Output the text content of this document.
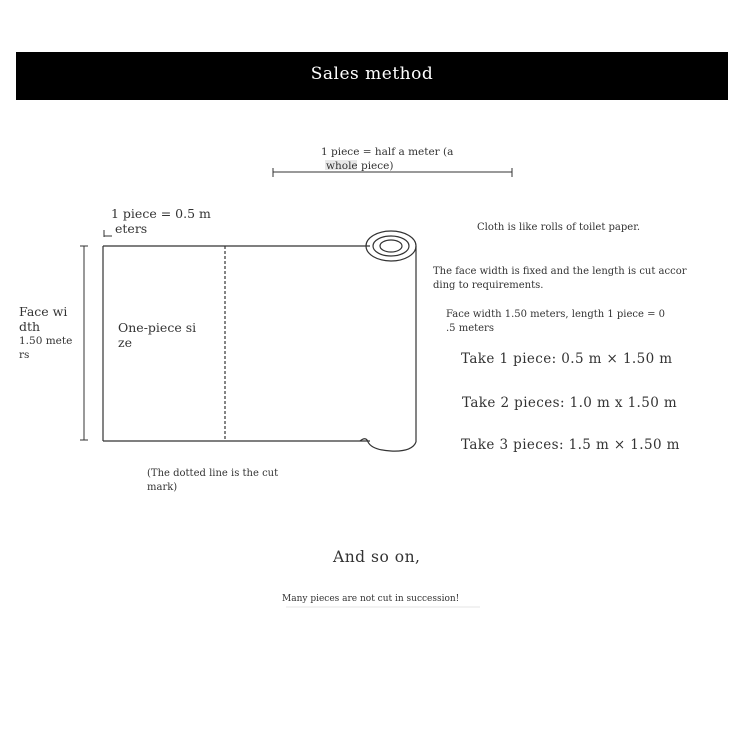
Sales method
1 piece = half a meter (a
whole piece)
1 piece = 0.5 m
eters
Face wi
dth
1.50 mete
rs
One-piece si
ze
(The dotted line is the cut
mark)
Cloth is like rolls of toilet paper.
The face width is fixed and the length is cut accor
ding to requirements.
Face width 1.50 meters, length 1 piece = 0
.5 meters
Take 1 piece: 0.5 m × 1.50 m
Take 2 pieces: 1.0 m x 1.50 m
Take 3 pieces: 1.5 m × 1.50 m
And so on,
Many pieces are not cut in succession!
